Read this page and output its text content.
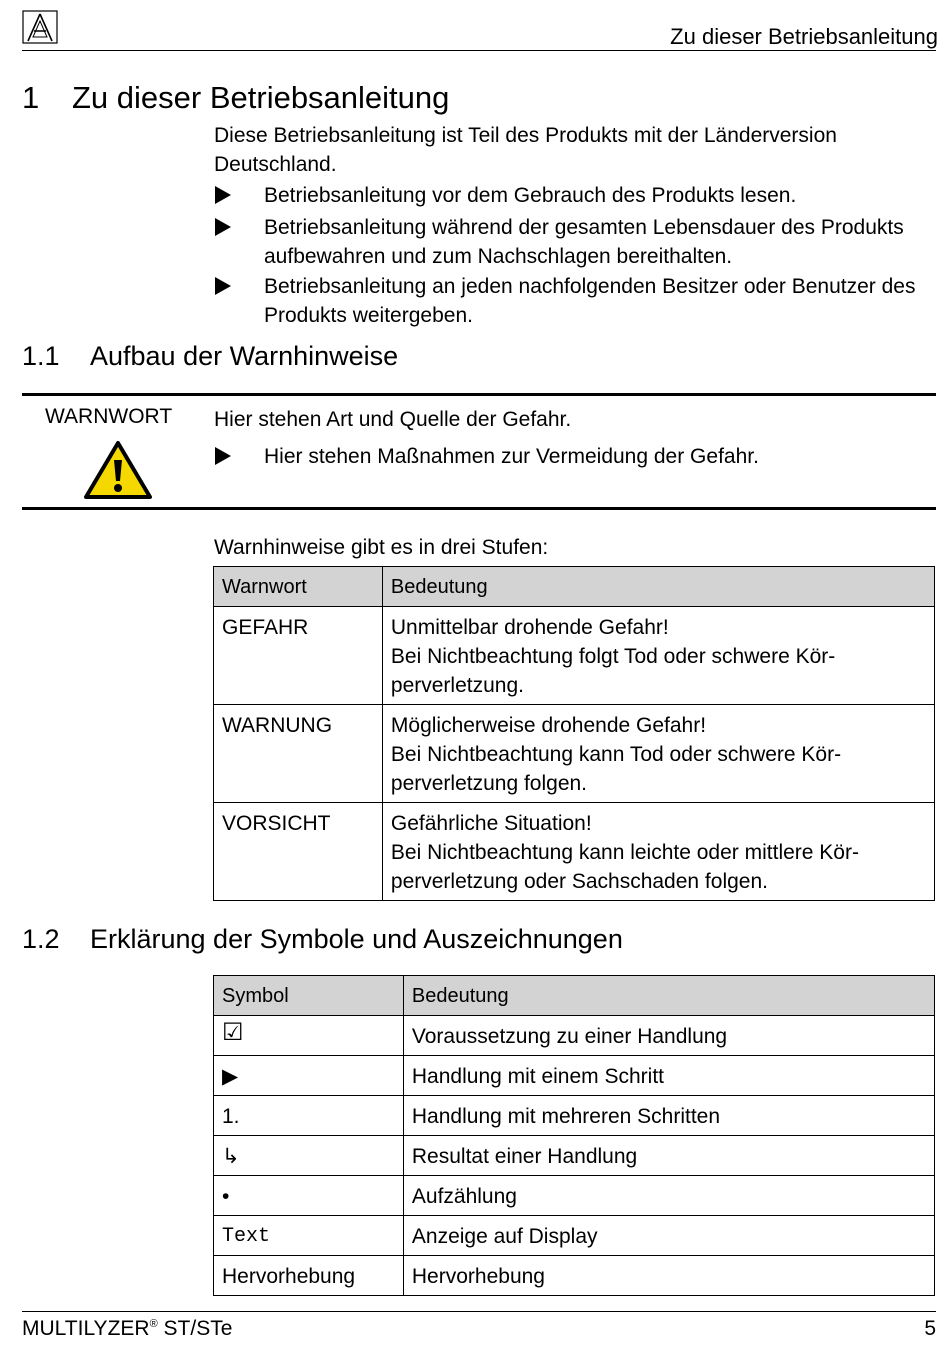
Zu dieser Betriebsanleitung
1 Zu dieser Betriebsanleitung
Diese Betriebsanleitung ist Teil des Produkts mit der Länderversion Deutschland.
Betriebsanleitung vor dem Gebrauch des Produkts lesen.
Betriebsanleitung während der gesamten Lebensdauer des Produkts aufbewahren und zum Nachschlagen bereithalten.
Betriebsanleitung an jeden nachfolgenden Besitzer oder Benutzer des Produkts weitergeben.
1.1 Aufbau der Warnhinweise
WARNWORT Hier stehen Art und Quelle der Gefahr.
Hier stehen Maßnahmen zur Vermeidung der Gefahr.
Warnhinweise gibt es in drei Stufen:
Warnwort	Bedeutung
GEFAHR	Unmittelbar drohende Gefahr!
Bei Nichtbeachtung folgt Tod oder schwere Kör-
perverletzung.

WARNUNG	Möglicherweise drohende Gefahr!
Bei Nichtbeachtung kann Tod oder schwere Kör-
perverletzung folgen.

VORSICHT	Gefährliche Situation!
Bei Nichtbeachtung kann leichte oder mittlere Kör-
perverletzung oder Sachschaden folgen.
1.2 Erklärung der Symbole und Auszeichnungen
Symbol	Bedeutung
☑	Voraussetzung zu einer Handlung
▶	Handlung mit einem Schritt
1.	Handlung mit mehreren Schritten
↳	Resultat einer Handlung
•	Aufzählung
Text	Anzeige auf Display
Hervorhebung	Hervorhebung
MULTILYZER® ST/STe	5
